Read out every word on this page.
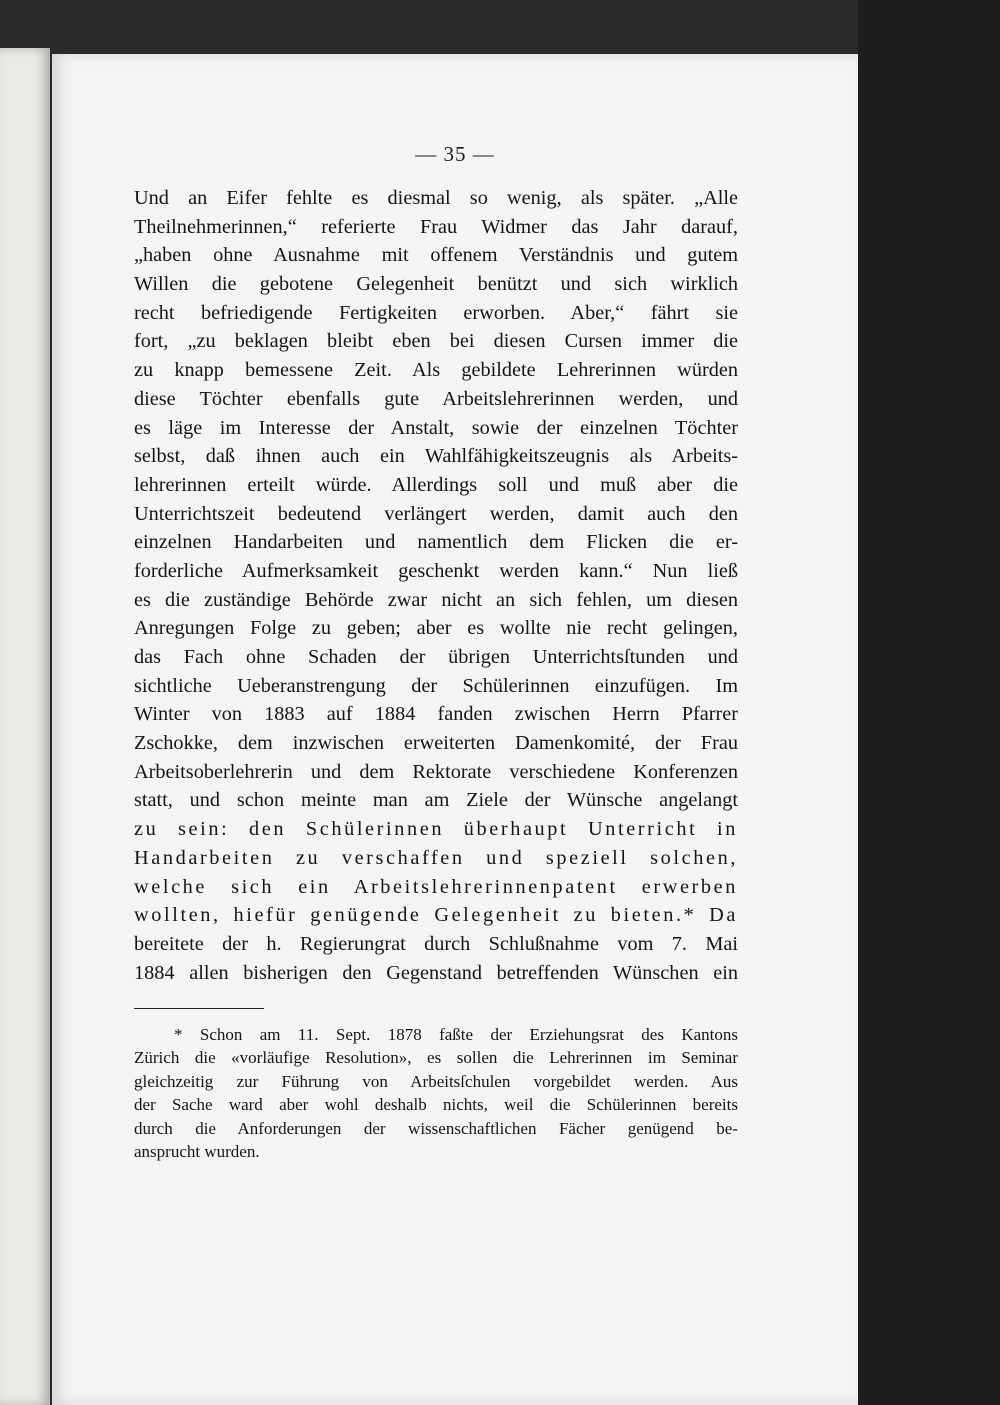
— 35 —
Und an Eifer fehlte es diesmal so wenig, als später. „Alle
Theilnehmerinnen,“ referierte Frau Widmer das Jahr darauf,
„haben ohne Ausnahme mit offenem Verständnis und gutem
Willen die gebotene Gelegenheit benützt und sich wirklich
recht befriedigende Fertigkeiten erworben. Aber,“ fährt sie
fort, „zu beklagen bleibt eben bei diesen Cursen immer die
zu knapp bemessene Zeit. Als gebildete Lehrerinnen würden
diese Töchter ebenfalls gute Arbeitslehrerinnen werden, und
es läge im Interesse der Anstalt, sowie der einzelnen Töchter
selbst, daß ihnen auch ein Wahlfähigkeitszeugnis als Arbeits-
lehrerinnen erteilt würde. Allerdings soll und muß aber die
Unterrichtszeit bedeutend verlängert werden, damit auch den
einzelnen Handarbeiten und namentlich dem Flicken die er-
forderliche Aufmerksamkeit geschenkt werden kann.“ Nun ließ
es die zuständige Behörde zwar nicht an sich fehlen, um diesen
Anregungen Folge zu geben; aber es wollte nie recht gelingen,
das Fach ohne Schaden der übrigen Unterrichtsſtunden und
sichtliche Ueberanstrengung der Schülerinnen einzufügen. Im
Winter von 1883 auf 1884 fanden zwischen Herrn Pfarrer
Zschokke, dem inzwischen erweiterten Damenkomité, der Frau
Arbeitsoberlehrerin und dem Rektorate verschiedene Konferenzen
statt, und schon meinte man am Ziele der Wünsche angelangt
zu sein: den Schülerinnen überhaupt Unterricht in
Handarbeiten zu verschaffen und speziell solchen,
welche sich ein Arbeitslehrerinnenpatent erwerben
wollten, hiefür genügende Gelegenheit zu bieten.* Da
bereitete der h. Regierungrat durch Schlußnahme vom 7. Mai
1884 allen bisherigen den Gegenstand betreffenden Wünschen ein
* Schon am 11. Sept. 1878 faßte der Erziehungsrat des Kantons
Zürich die «vorläufige Resolution», es sollen die Lehrerinnen im Seminar
gleichzeitig zur Führung von Arbeitsſchulen vorgebildet werden. Aus
der Sache ward aber wohl deshalb nichts, weil die Schülerinnen bereits
durch die Anforderungen der wissenschaftlichen Fächer genügend be-
ansprucht wurden.
